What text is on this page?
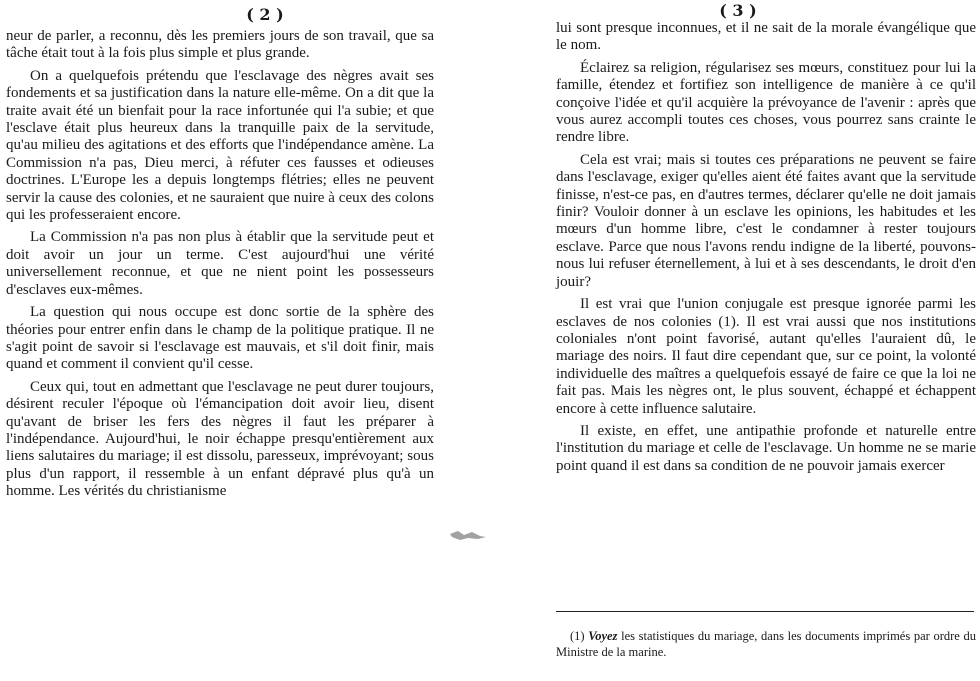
( 2 )

neur de parler, a reconnu, dès les premiers jours de son travail, que sa tâche était tout à la fois plus simple et plus grande.

On a quelquefois prétendu que l'esclavage des nègres avait ses fondements et sa justification dans la nature elle-même. On a dit que la traite avait été un bienfait pour la race infortunée qui l'a subie; et que l'esclave était plus heureux dans la tranquille paix de la servitude, qu'au milieu des agitations et des efforts que l'indépendance amène. La Commission n'a pas, Dieu merci, à réfuter ces fausses et odieuses doctrines. L'Europe les a depuis longtemps flétries; elles ne peuvent servir la cause des colonies, et ne sauraient que nuire à ceux des colons qui les professeraient encore.

La Commission n'a pas non plus à établir que la servitude peut et doit avoir un jour un terme. C'est aujourd'hui une vérité universellement reconnue, et que ne nient point les possesseurs d'esclaves eux-mêmes.

La question qui nous occupe est donc sortie de la sphère des théories pour entrer enfin dans le champ de la politique pratique. Il ne s'agit point de savoir si l'esclavage est mauvais, et s'il doit finir, mais quand et comment il convient qu'il cesse.

Ceux qui, tout en admettant que l'esclavage ne peut durer toujours, désirent reculer l'époque où l'émancipation doit avoir lieu, disent qu'avant de briser les fers des nègres il faut les préparer à l'indépendance. Aujourd'hui, le noir échappe presqu'entièrement aux liens salutaires du mariage; il est dissolu, paresseux, imprévoyant; sous plus d'un rapport, il ressemble à un enfant dépravé plus qu'à un homme. Les vérités du christianisme

( 3 )

lui sont presque inconnues, et il ne sait de la morale évangélique que le nom.

Éclairez sa religion, régularisez ses mœurs, constituez pour lui la famille, étendez et fortifiez son intelligence de manière à ce qu'il conçoive l'idée et qu'il acquière la prévoyance de l'avenir : après que vous aurez accompli toutes ces choses, vous pourrez sans crainte le rendre libre.

Cela est vrai; mais si toutes ces préparations ne peuvent se faire dans l'esclavage, exiger qu'elles aient été faites avant que la servitude finisse, n'est-ce pas, en d'autres termes, déclarer qu'elle ne doit jamais finir? Vouloir donner à un esclave les opinions, les habitudes et les mœurs d'un homme libre, c'est le condamner à rester toujours esclave. Parce que nous l'avons rendu indigne de la liberté, pouvons-nous lui refuser éternellement, à lui et à ses descendants, le droit d'en jouir?

Il est vrai que l'union conjugale est presque ignorée parmi les esclaves de nos colonies (1). Il est vrai aussi que nos institutions coloniales n'ont point favorisé, autant qu'elles l'auraient dû, le mariage des noirs. Il faut dire cependant que, sur ce point, la volonté individuelle des maîtres a quelquefois essayé de faire ce que la loi ne fait pas. Mais les nègres ont, le plus souvent, échappé et échappent encore à cette influence salutaire.

Il existe, en effet, une antipathie profonde et naturelle entre l'institution du mariage et celle de l'esclavage. Un homme ne se marie point quand il est dans sa condition de ne pouvoir jamais exercer

(1) Voyez les statistiques du mariage, dans les documents imprimés par ordre du Ministre de la marine.
